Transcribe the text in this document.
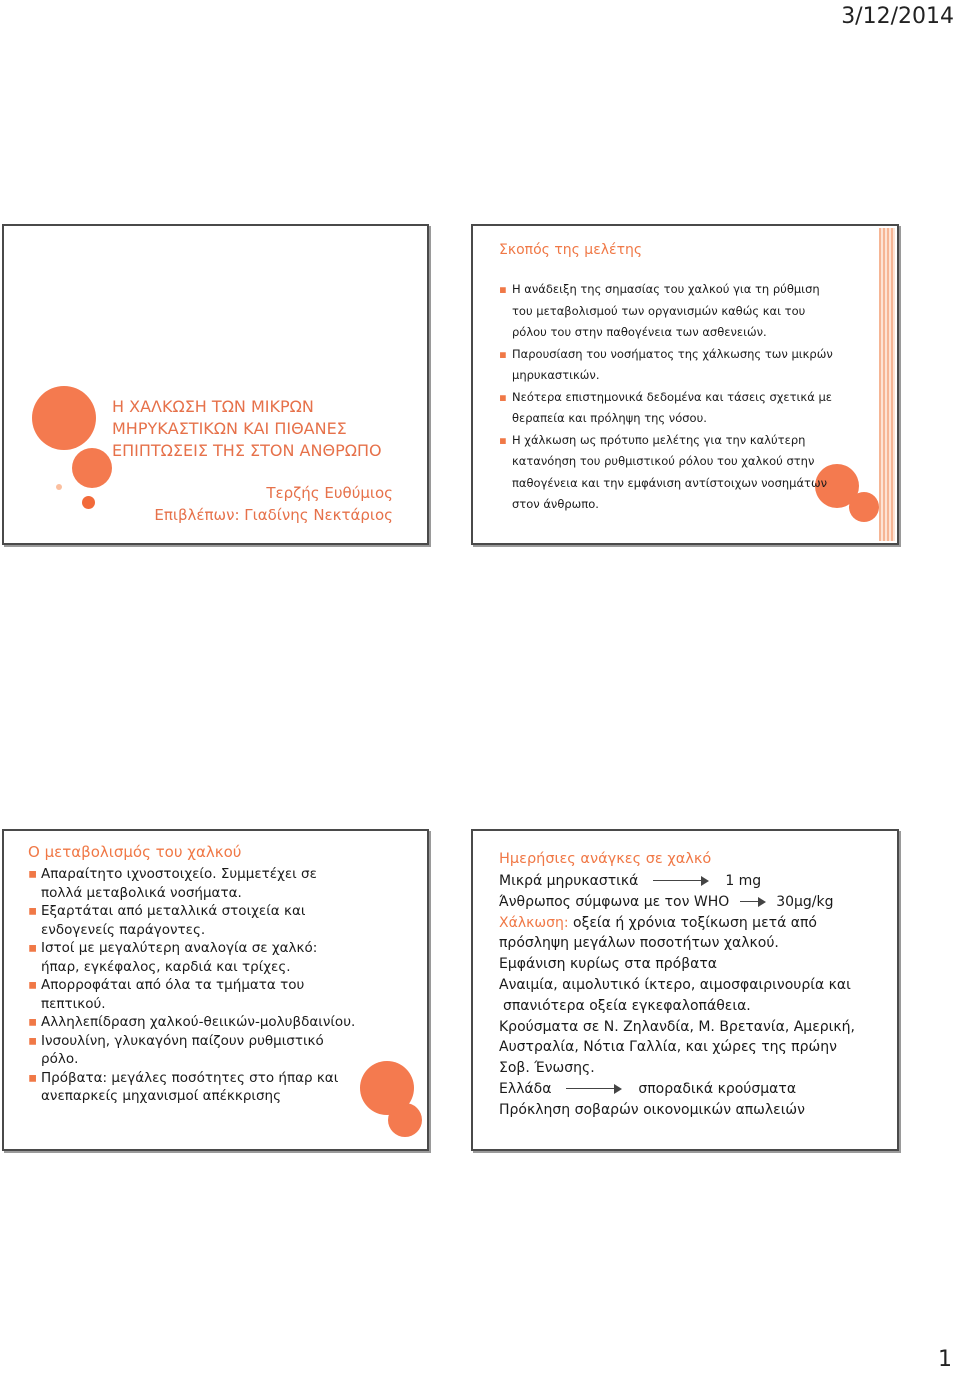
3/12/2014
Η ΧΑΛΚΩΣΗ ΤΩΝ ΜΙΚΡΩΝ
ΜΗΡΥΚΑΣΤΙΚΩΝ ΚΑΙ ΠΙΘΑΝΕΣ
ΕΠΙΠΤΩΣΕΙΣ ΤΗΣ ΣΤΟΝ ΑΝΘΡΩΠΟ
Τερζής Ευθύμιος
Επιβλέπων: Γιαδίνης Νεκτάριος
Σκοπός της μελέτης
▪ Η ανάδειξη της σημασίας του χαλκού για τη ρύθμιση του μεταβολισμού των οργανισμών καθώς και του ρόλου του στην παθογένεια των ασθενειών.
▪ Παρουσίαση του νοσήματος της χάλκωσης των μικρών μηρυκαστικών.
▪ Νεότερα επιστημονικά δεδομένα και τάσεις σχετικά με θεραπεία και πρόληψη της νόσου.
▪ Η χάλκωση ως πρότυπο μελέτης για την καλύτερη κατανόηση του ρυθμιστικού ρόλου του χαλκού στην παθογένεια και την εμφάνιση αντίστοιχων νοσημάτων στον άνθρωπο.
Ο μεταβολισμός του χαλκού
▪ Απαραίτητο ιχνοστοιχείο. Συμμετέχει σε πολλά μεταβολικά νοσήματα.
▪ Εξαρτάται από μεταλλικά στοιχεία και ενδογενείς παράγοντες.
▪ Ιστοί με μεγαλύτερη αναλογία σε χαλκό: ήπαρ, εγκέφαλος, καρδιά και τρίχες.
▪ Απορροφάται από όλα τα τμήματα του πεπτικού.
▪ Αλληλεπίδραση χαλκού-θειικών-μολυβδαινίου.
▪ Ινσουλίνη, γλυκαγόνη παίζουν ρυθμιστικό ρόλο.
▪ Πρόβατα: μεγάλες ποσότητες στο ήπαρ και ανεπαρκείς μηχανισμοί απέκκρισης
Ημερήσιες ανάγκες σε χαλκό
Μικρά μηρυκαστικά	1 mg
Άνθρωπος σύμφωνα με τον WHO	30μg/kg
Χάλκωση: οξεία ή χρόνια τοξίκωση μετά από
πρόσληψη μεγάλων ποσοτήτων χαλκού.
Εμφάνιση κυρίως στα πρόβατα
Αναιμία, αιμολυτικό ίκτερο, αιμοσφαιρινουρία και
σπανιότερα οξεία εγκεφαλοπάθεια.
Κρούσματα σε Ν. Ζηλανδία, Μ. Βρετανία, Αμερική,
Αυστραλία, Νότια Γαλλία, και χώρες της πρώην
Σοβ. Ένωσης.
Ελλάδα	σποραδικά κρούσματα
Πρόκληση σοβαρών οικονομικών απωλειών
1
